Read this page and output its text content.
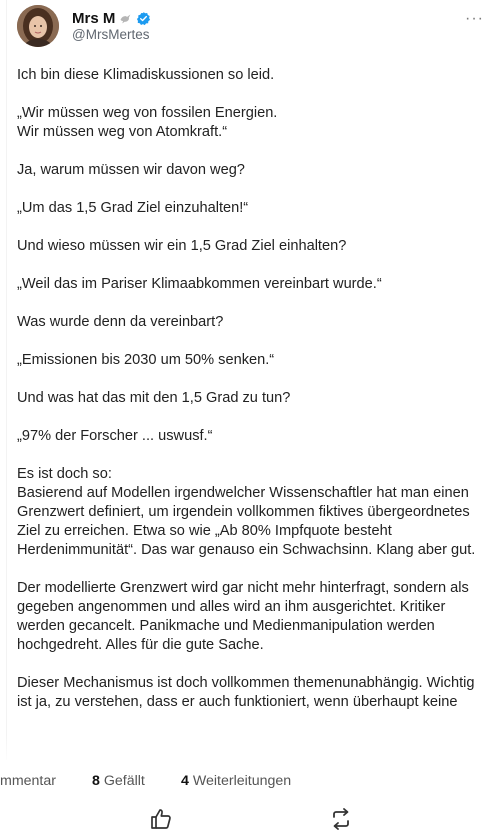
Mrs M
@MrsMertes
···

Ich bin diese Klimadiskussionen so leid.

„Wir müssen weg von fossilen Energien.
Wir müssen weg von Atomkraft.“

Ja, warum müssen wir davon weg?

„Um das 1,5 Grad Ziel einzuhalten!“

Und wieso müssen wir ein 1,5 Grad Ziel einhalten?

„Weil das im Pariser Klimaabkommen vereinbart wurde.“

Was wurde denn da vereinbart?

„Emissionen bis 2030 um 50% senken.“

Und was hat das mit den 1,5 Grad zu tun?

„97% der Forscher ... uswusf.“

Es ist doch so:
Basierend auf Modellen irgendwelcher Wissenschaftler hat man einen Grenzwert definiert, um irgendein vollkommen fiktives übergeordnetes Ziel zu erreichen. Etwa so wie „Ab 80% Impfquote besteht Herdenimmunität“. Das war genauso ein Schwachsinn. Klang aber gut.

Der modellierte Grenzwert wird gar nicht mehr hinterfragt, sondern als gegeben angenommen und alles wird an ihm ausgerichtet. Kritiker werden gecancelt. Panikmache und Medienmanipulation werden hochgedreht. Alles für die gute Sache.

Dieser Mechanismus ist doch vollkommen themenunabhängig. Wichtig ist ja, zu verstehen, dass er auch funktioniert, wenn überhaupt keine

mmentar	8 Gefällt	4 Weiterleitungen
